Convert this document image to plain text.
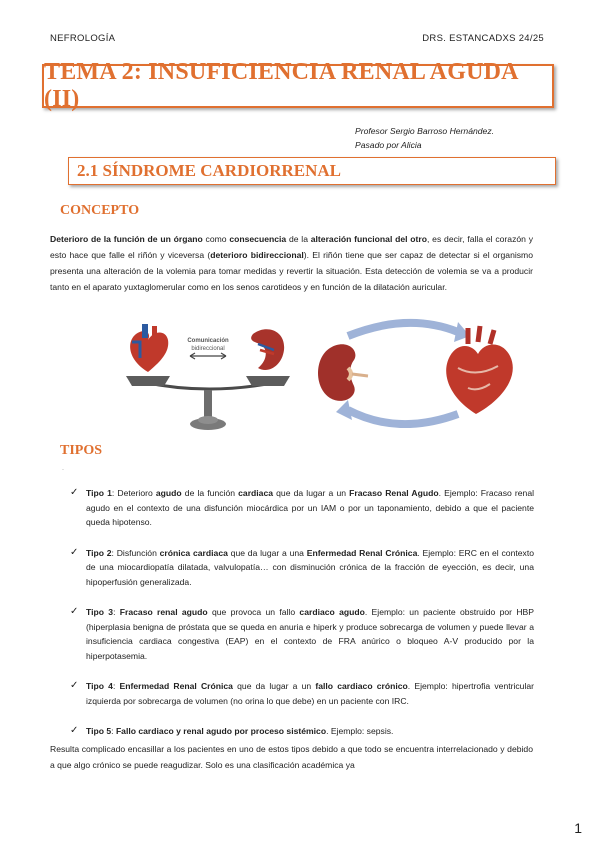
NEFROLOGÍA	DRS. ESTANCADXS 24/25
TEMA 2: INSUFICIENCIA RENAL AGUDA (II)
Profesor Sergio Barroso Hernández.
Pasado por Alicia
2.1 SÍNDROME CARDIORRENAL
CONCEPTO
Deterioro de la función de un órgano como consecuencia de la alteración funcional del otro, es decir, falla el corazón y esto hace que falle el riñón y viceversa (deterioro bidireccional). El riñón tiene que ser capaz de detectar si el organismo presenta una alteración de la volemia para tomar medidas y revertir la situación. Esta detección de volemia se va a producir tanto en el aparato yuxtaglomerular como en los senos carotideos y en función de la dilatación auricular.
Comunicación
bidireccional
TIPOS
·
✓ Tipo 1: Deterioro agudo de la función cardiaca que da lugar a un Fracaso Renal Agudo. Ejemplo: Fracaso renal agudo en el contexto de una disfunción miocárdica por un IAM o por un taponamiento, debido a que el paciente queda hipotenso.
✓ Tipo 2: Disfunción crónica cardiaca que da lugar a una Enfermedad Renal Crónica. Ejemplo: ERC en el contexto de una miocardiopatía dilatada, valvulopatía… con disminución crónica de la fracción de eyección, es decir, una hipoperfusión generalizada.
✓ Tipo 3: Fracaso renal agudo que provoca un fallo cardiaco agudo. Ejemplo: un paciente obstruido por HBP (hiperplasia benigna de próstata que se queda en anuria e hiperk y produce sobrecarga de volumen y puede llevar a insuficiencia cardiaca congestiva (EAP) en el contexto de FRA anúrico o bloqueo A-V producido por la hiperpotasemia.
✓ Tipo 4: Enfermedad Renal Crónica que da lugar a un fallo cardiaco crónico. Ejemplo: hipertrofia ventricular izquierda por sobrecarga de volumen (no orina lo que debe) en un paciente con IRC.
✓ Tipo 5: Fallo cardiaco y renal agudo por proceso sistémico. Ejemplo: sepsis.
Resulta complicado encasillar a los pacientes en uno de estos tipos debido a que todo se encuentra interrelacionado y debido a que algo crónico se puede reagudizar. Solo es una clasificación académica ya
1
